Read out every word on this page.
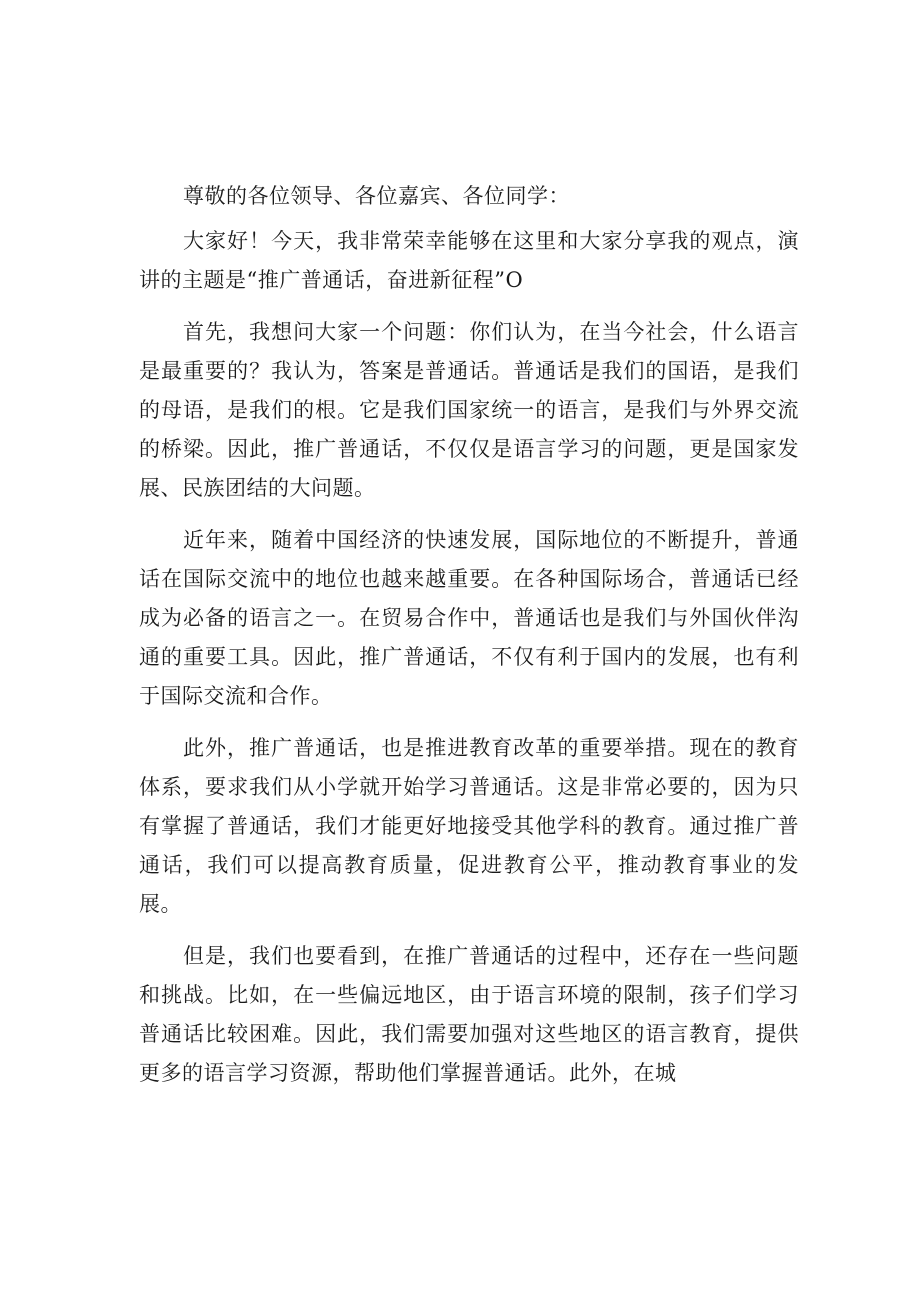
尊敬的各位领导、各位嘉宾、各位同学：

大家好！今天，我非常荣幸能够在这里和大家分享我的观点，演讲的主题是“推广普通话，奋进新征程”O

首先，我想问大家一个问题：你们认为，在当今社会，什么语言是最重要的？我认为，答案是普通话。普通话是我们的国语，是我们的母语，是我们的根。它是我们国家统一的语言，是我们与外界交流的桥梁。因此，推广普通话，不仅仅是语言学习的问题，更是国家发展、民族团结的大问题。

近年来，随着中国经济的快速发展，国际地位的不断提升，普通话在国际交流中的地位也越来越重要。在各种国际场合，普通话已经成为必备的语言之一。在贸易合作中，普通话也是我们与外国伙伴沟通的重要工具。因此，推广普通话，不仅有利于国内的发展，也有利于国际交流和合作。

此外，推广普通话，也是推进教育改革的重要举措。现在的教育体系，要求我们从小学就开始学习普通话。这是非常必要的，因为只有掌握了普通话，我们才能更好地接受其他学科的教育。通过推广普通话，我们可以提高教育质量，促进教育公平，推动教育事业的发展。

但是，我们也要看到，在推广普通话的过程中，还存在一些问题和挑战。比如，在一些偏远地区，由于语言环境的限制，孩子们学习普通话比较困难。因此，我们需要加强对这些地区的语言教育，提供更多的语言学习资源，帮助他们掌握普通话。此外，在城
